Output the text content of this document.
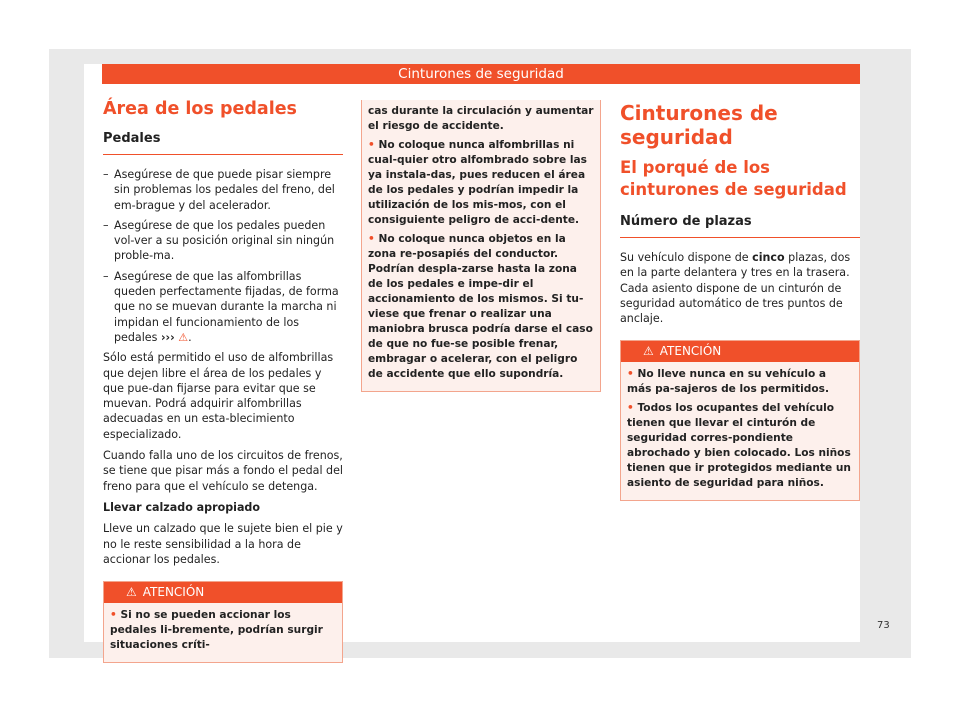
Cinturones de seguridad
Área de los pedales
Pedales
– Asegúrese de que puede pisar siempre sin problemas los pedales del freno, del em-brague y del acelerador.
– Asegúrese de que los pedales pueden vol-ver a su posición original sin ningún proble-ma.
– Asegúrese de que las alfombrillas queden perfectamente fijadas, de forma que no se muevan durante la marcha ni impidan el funcionamiento de los pedales ››› ⚠.

Sólo está permitido el uso de alfombrillas que dejen libre el área de los pedales y que pue-dan fijarse para evitar que se muevan. Podrá adquirir alfombrillas adecuadas en un esta-blecimiento especializado.

Cuando falla uno de los circuitos de frenos, se tiene que pisar más a fondo el pedal del freno para que el vehículo se detenga.

Llevar calzado apropiado

Lleve un calzado que le sujete bien el pie y no le reste sensibilidad a la hora de accionar los pedales.

⚠ ATENCIÓN

• Si no se pueden accionar los pedales li-bremente, podrían surgir situaciones críti-

cas durante la circulación y aumentar el riesgo de accidente.

• No coloque nunca alfombrillas ni cual-quier otro alfombrado sobre las ya instala-das, pues reducen el área de los pedales y podrían impedir la utilización de los mis-mos, con el consiguiente peligro de acci-dente.

• No coloque nunca objetos en la zona re-posapiés del conductor. Podrían despla-zarse hasta la zona de los pedales e impe-dir el accionamiento de los mismos. Si tu-viese que frenar o realizar una maniobra brusca podría darse el caso de que no fue-se posible frenar, embragar o acelerar, con el peligro de accidente que ello supondría.

Cinturones de seguridad
El porqué de los cinturones de seguridad
Número de plazas

Su vehículo dispone de cinco plazas, dos en la parte delantera y tres en la trasera. Cada asiento dispone de un cinturón de seguridad automático de tres puntos de anclaje.

⚠ ATENCIÓN

• No lleve nunca en su vehículo a más pa-sajeros de los permitidos.

• Todos los ocupantes del vehículo tienen que llevar el cinturón de seguridad corres-pondiente abrochado y bien colocado. Los niños tienen que ir protegidos mediante un asiento de seguridad para niños.

73
